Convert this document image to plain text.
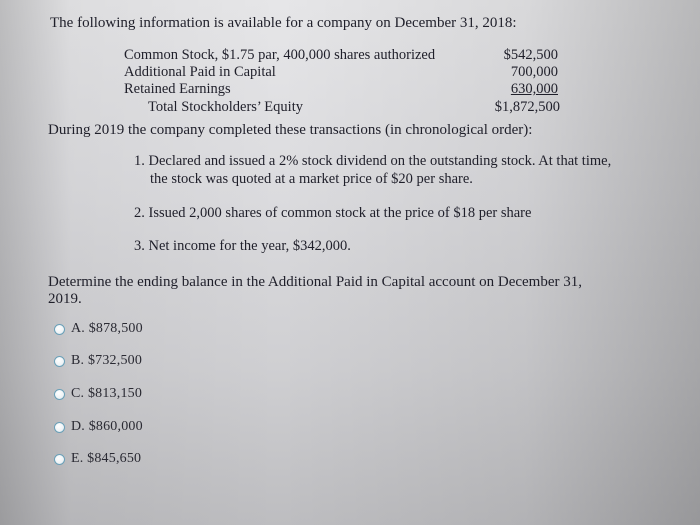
The following information is available for a company on December 31, 2018:
Common Stock, $1.75 par, 400,000 shares authorized	$542,500
Additional Paid in Capital	700,000
Retained Earnings	630,000
Total Stockholders’ Equity	$1,872,500
During 2019 the company completed these transactions (in chronological order):
1. Declared and issued a 2% stock dividend on the outstanding stock. At that time,
the stock was quoted at a market price of $20 per share.
2. Issued 2,000 shares of common stock at the price of $18 per share
3. Net income for the year, $342,000.
Determine the ending balance in the Additional Paid in Capital account on December 31,
2019.
A. $878,500
B. $732,500
C. $813,150
D. $860,000
E. $845,650
